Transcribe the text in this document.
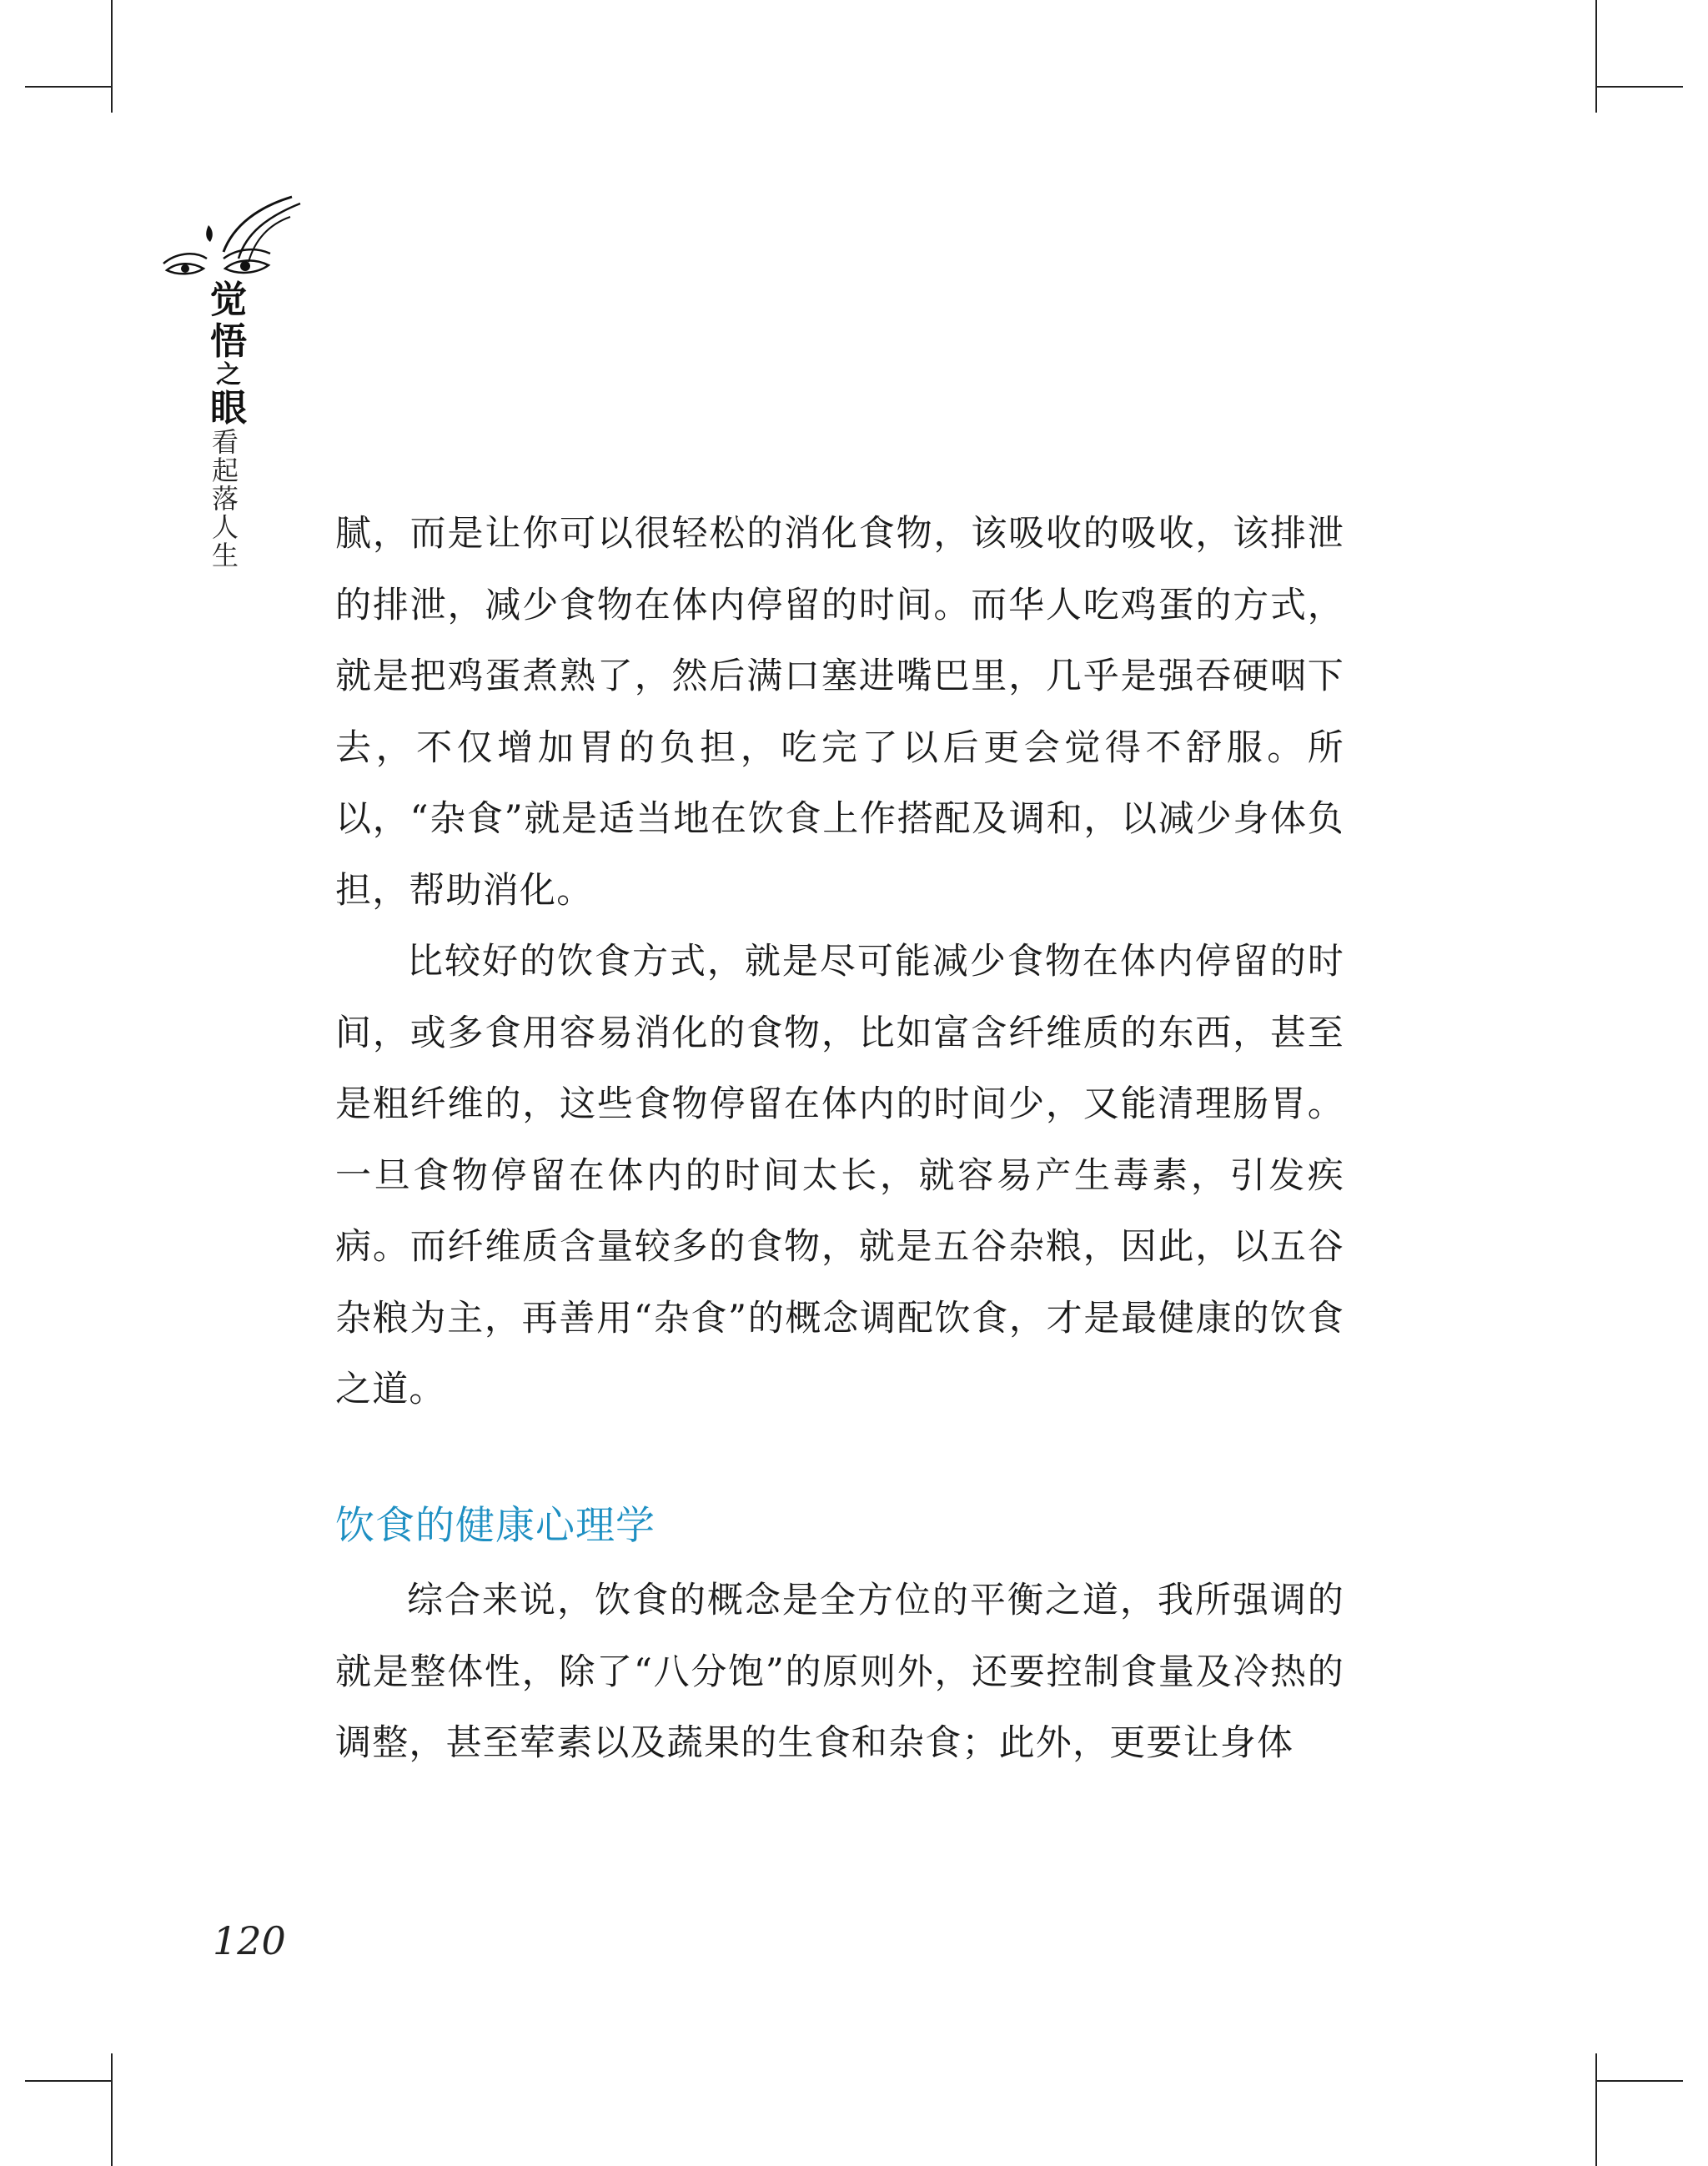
觉
悟
之
眼
看
起
落
人
生

腻，而是让你可以很轻松的消化食物，该吸收的吸收，该排泄的排泄，减少食物在体内停留的时间。而华人吃鸡蛋的方式，就是把鸡蛋煮熟了，然后满口塞进嘴巴里，几乎是强吞硬咽下去，不仅增加胃的负担，吃完了以后更会觉得不舒服。所以，“杂食”就是适当地在饮食上作搭配及调和，以减少身体负担，帮助消化。

比较好的饮食方式，就是尽可能减少食物在体内停留的时间，或多食用容易消化的食物，比如富含纤维质的东西，甚至是粗纤维的，这些食物停留在体内的时间少，又能清理肠胃。一旦食物停留在体内的时间太长，就容易产生毒素，引发疾病。而纤维质含量较多的食物，就是五谷杂粮，因此，以五谷杂粮为主，再善用“杂食”的概念调配饮食，才是最健康的饮食之道。

饮食的健康心理学

综合来说，饮食的概念是全方位的平衡之道，我所强调的就是整体性，除了“八分饱”的原则外，还要控制食量及冷热的调整，甚至荤素以及蔬果的生食和杂食；此外，更要让身体

120
